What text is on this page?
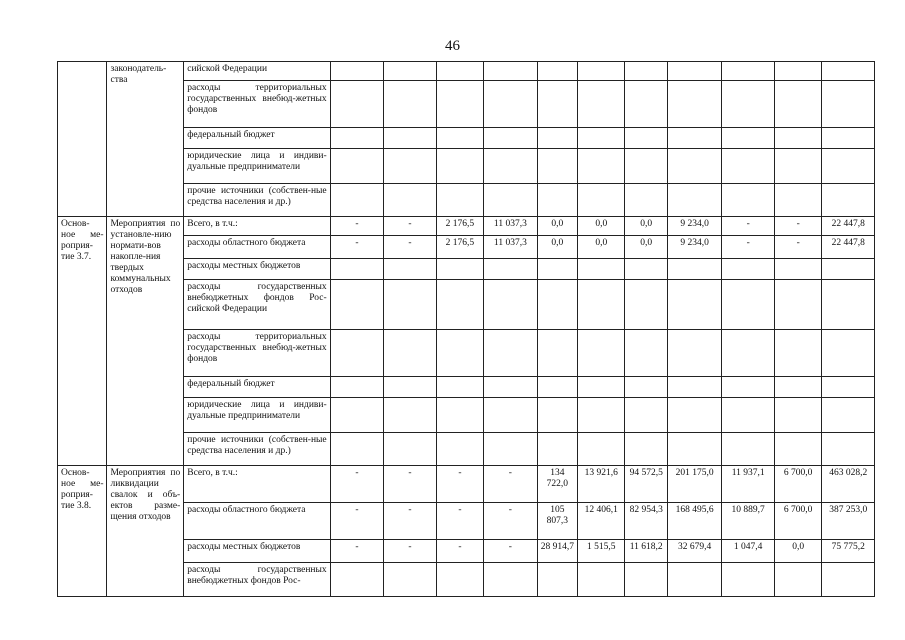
46
	законодатель-ства	сийской Федерации											
		расходы территориальных государственных внебюд-жетных фондов											
		федеральный бюджет											
		юридические лица и индиви-дуальные предприниматели											
		прочие источники (собствен-ные средства населения и др.)											
Основ-ное ме-роприя-тие 3.7.	Мероприятия по установле-нию нормати-вов накопле-ния твердых коммунальных отходов	Всего, в т.ч.:	-	-	2 176,5	11 037,3	0,0	0,0	0,0	9 234,0	-	-	22 447,8
		расходы областного бюджета	-	-	2 176,5	11 037,3	0,0	0,0	0,0	9 234,0	-	-	22 447,8
		расходы местных бюджетов											
		расходы государственных внебюджетных фондов Рос-сийской Федерации											
		расходы территориальных государственных внебюд-жетных фондов											
		федеральный бюджет											
		юридические лица и индиви-дуальные предприниматели											
		прочие источники (собствен-ные средства населения и др.)											
Основ-ное ме-роприя-тие 3.8.	Мероприятия по ликвидации свалок и объ-ектов разме-щения отходов	Всего, в т.ч.:	-	-	-	-	134 722,0	13 921,6	94 572,5	201 175,0	11 937,1	6 700,0	463 028,2
		расходы областного бюджета	-	-	-	-	105 807,3	12 406,1	82 954,3	168 495,6	10 889,7	6 700,0	387 253,0
		расходы местных бюджетов	-	-	-	-	28 914,7	1 515,5	11 618,2	32 679,4	1 047,4	0,0	75 775,2
		расходы государственных внебюджетных фондов Рос-											
